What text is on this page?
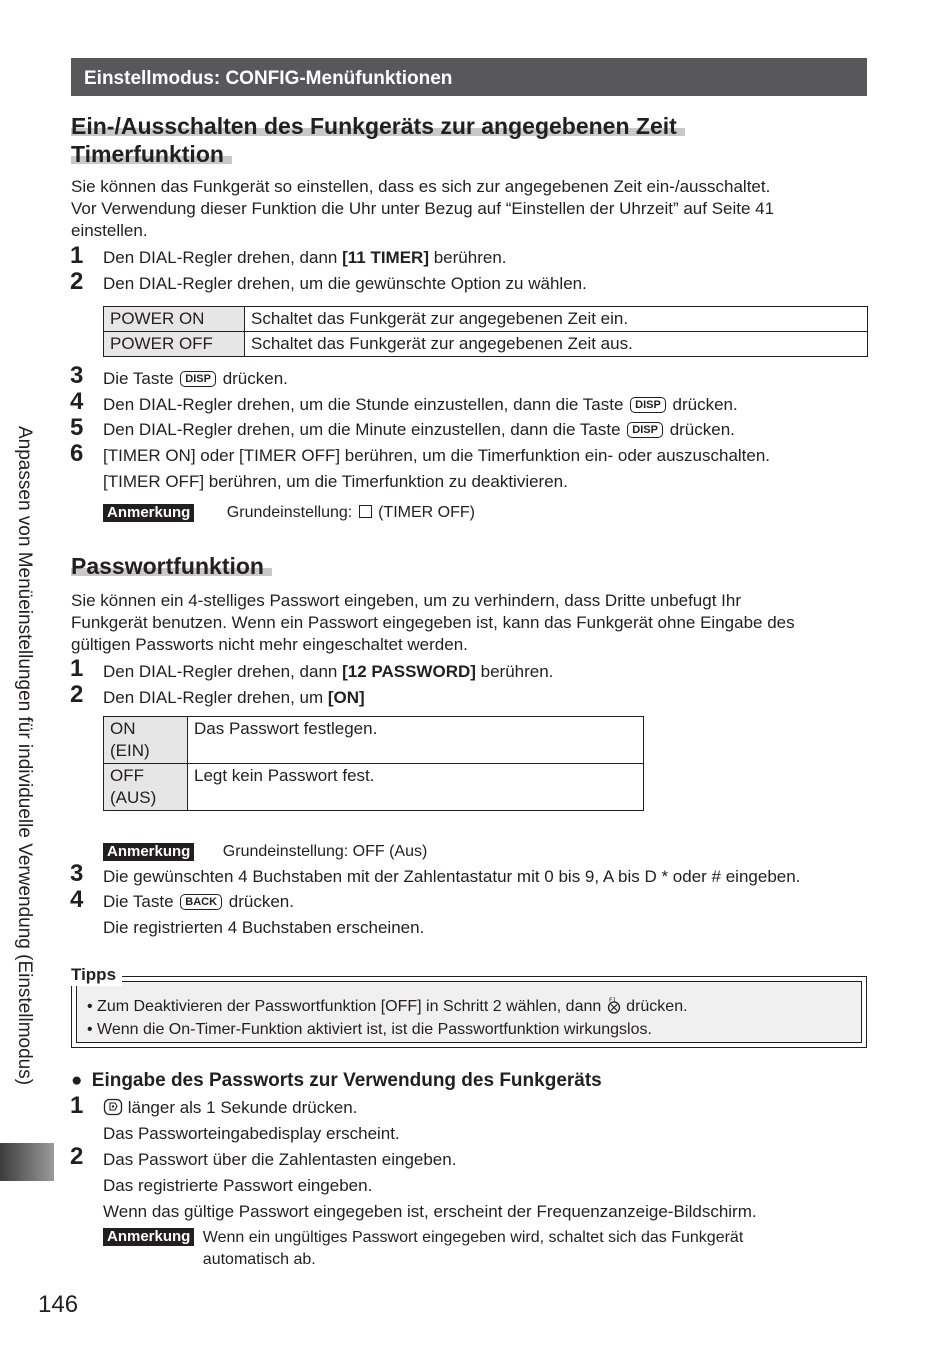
Einstellmodus: CONFIG-Menüfunktionen
Anpassen von Menüeinstellungen für individuelle Verwendung (Einstellmodus)
Ein-/Ausschalten des Funkgeräts zur angegebenen Zeit
Timerfunktion
Sie können das Funkgerät so einstellen, dass es sich zur angegebenen Zeit ein-/ausschaltet.
Vor Verwendung dieser Funktion die Uhr unter Bezug auf “Einstellen der Uhrzeit” auf Seite 41
einstellen.
1 Den DIAL-Regler drehen, dann [11 TIMER] berühren.
2 Den DIAL-Regler drehen, um die gewünschte Option zu wählen.
POWER ON	Schaltet das Funkgerät zur angegebenen Zeit ein.
POWER OFF	Schaltet das Funkgerät zur angegebenen Zeit aus.
3 Die Taste DISP drücken.
4 Den DIAL-Regler drehen, um die Stunde einzustellen, dann die Taste DISP drücken.
5 Den DIAL-Regler drehen, um die Minute einzustellen, dann die Taste DISP drücken.
6 [TIMER ON] oder [TIMER OFF] berühren, um die Timerfunktion ein- oder auszuschalten.
[TIMER OFF] berühren, um die Timerfunktion zu deaktivieren.
Anmerkung Grundeinstellung:  (TIMER OFF)
Passwortfunktion
Sie können ein 4-stelliges Passwort eingeben, um zu verhindern, dass Dritte unbefugt Ihr
Funkgerät benutzen. Wenn ein Passwort eingegeben ist, kann das Funkgerät ohne Eingabe des
gültigen Passworts nicht mehr eingeschaltet werden.
1 Den DIAL-Regler drehen, dann [12 PASSWORD] berühren.
2 Den DIAL-Regler drehen, um [ON]
ON
(EIN)	Das Passwort festlegen.

OFF
(AUS)	Legt kein Passwort fest.
Anmerkung Grundeinstellung: OFF (Aus)
3 Die gewünschten 4 Buchstaben mit der Zahlentastatur mit 0 bis 9, A bis D * oder # eingeben.
4 Die Taste BACK drücken.
Die registrierten 4 Buchstaben erscheinen.
• Zum Deaktivieren der Passwortfunktion [OFF] in Schritt 2 wählen, dann F1 drücken.
• Wenn die On-Timer-Funktion aktiviert ist, ist die Passwortfunktion wirkungslos.
Tipps
● Eingabe des Passworts zur Verwendung des Funkgeräts
1	länger als 1 Sekunde drücken.
Das Passworteingabedisplay erscheint.
2 Das Passwort über die Zahlentasten eingeben.
Das registrierte Passwort eingeben.
Wenn das gültige Passwort eingegeben ist, erscheint der Frequenzanzeige-Bildschirm.
Anmerkung Wenn ein ungültiges Passwort eingegeben wird, schaltet sich das Funkgerät
automatisch ab.
146
